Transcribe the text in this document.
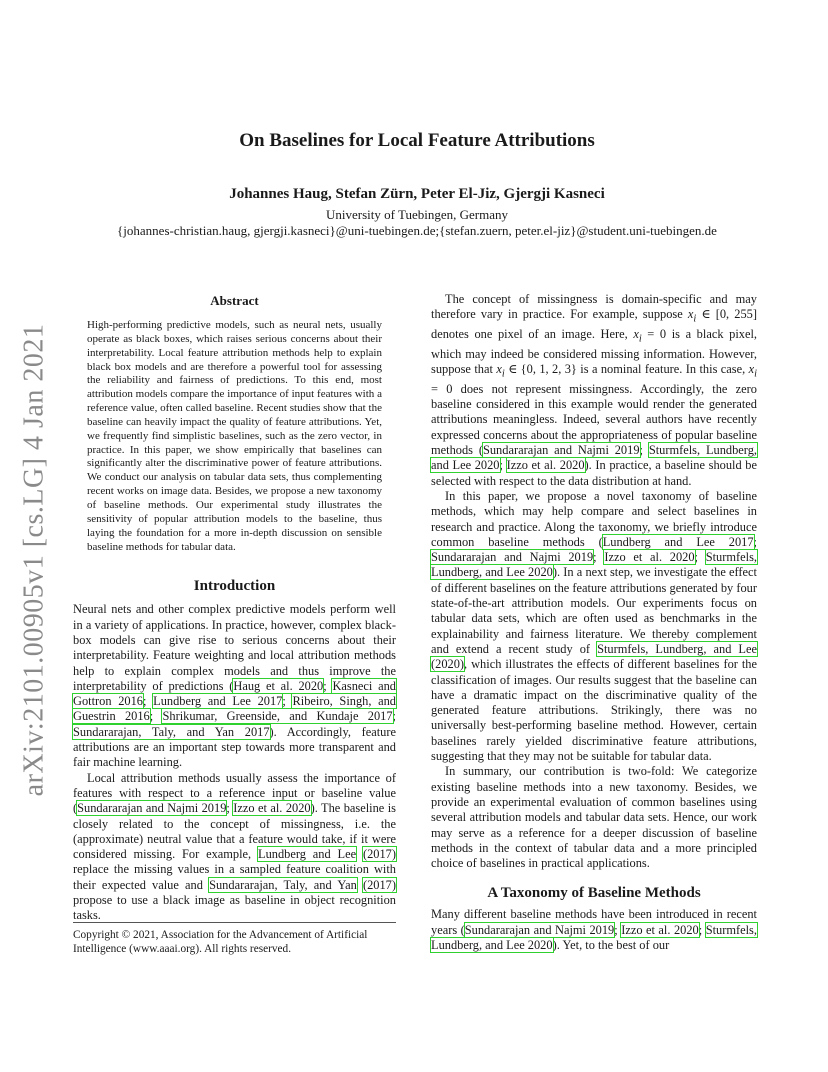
arXiv:2101.00905v1 [cs.LG] 4 Jan 2021
On Baselines for Local Feature Attributions
Johannes Haug, Stefan Zürn, Peter El-Jiz, Gjergji Kasneci
University of Tuebingen, Germany
{johannes-christian.haug, gjergji.kasneci}@uni-tuebingen.de;{stefan.zuern, peter.el-jiz}@student.uni-tuebingen.de
Abstract

High-performing predictive models, such as neural nets, usually operate as black boxes, which raises serious concerns about their interpretability. Local feature attribution methods help to explain black box models and are therefore a powerful tool for assessing the reliability and fairness of predictions. To this end, most attribution models compare the importance of input features with a reference value, often called baseline. Recent studies show that the baseline can heavily impact the quality of feature attributions. Yet, we frequently find simplistic baselines, such as the zero vector, in practice. In this paper, we show empirically that baselines can significantly alter the discriminative power of feature attributions. We conduct our analysis on tabular data sets, thus complementing recent works on image data. Besides, we propose a new taxonomy of baseline methods. Our experimental study illustrates the sensitivity of popular attribution models to the baseline, thus laying the foundation for a more in-depth discussion on sensible baseline methods for tabular data.

Introduction

Neural nets and other complex predictive models perform well in a variety of applications. In practice, however, complex black-box models can give rise to serious concerns about their interpretability. Feature weighting and local attribution methods help to explain complex models and thus improve the interpretability of predictions (Haug et al. 2020; Kasneci and Gottron 2016; Lundberg and Lee 2017; Ribeiro, Singh, and Guestrin 2016; Shrikumar, Greenside, and Kundaje 2017; Sundararajan, Taly, and Yan 2017). Accordingly, feature attributions are an important step towards more transparent and fair machine learning.

Local attribution methods usually assess the importance of features with respect to a reference input or baseline value (Sundararajan and Najmi 2019; Izzo et al. 2020). The baseline is closely related to the concept of missingness, i.e. the (approximate) neutral value that a feature would take, if it were considered missing. For example, Lundberg and Lee (2017) replace the missing values in a sampled feature coalition with their expected value and Sundararajan, Taly, and Yan (2017) propose to use a black image as baseline in object recognition tasks.

Copyright © 2021, Association for the Advancement of Artificial Intelligence (www.aaai.org). All rights reserved.

The concept of missingness is domain-specific and may therefore vary in practice. For example, suppose $x_i$ ∈ [0, 255] denotes one pixel of an image. Here, $x_i = 0$ is a black pixel, which may indeed be considered missing information. However, suppose that $x_i$ ∈ {0, 1, 2, 3} is a nominal feature. In this case, $x_i = 0$ does not represent missingness. Accordingly, the zero baseline considered in this example would render the generated attributions meaningless. Indeed, several authors have recently expressed concerns about the appropriateness of popular baseline methods (Sundararajan and Najmi 2019; Sturmfels, Lundberg, and Lee 2020; Izzo et al. 2020). In practice, a baseline should be selected with respect to the data distribution at hand.

In this paper, we propose a novel taxonomy of baseline methods, which may help compare and select baselines in research and practice. Along the taxonomy, we briefly introduce common baseline methods (Lundberg and Lee 2017; Sundararajan and Najmi 2019; Izzo et al. 2020; Sturmfels, Lundberg, and Lee 2020). In a next step, we investigate the effect of different baselines on the feature attributions generated by four state-of-the-art attribution models. Our experiments focus on tabular data sets, which are often used as benchmarks in the explainability and fairness literature. We thereby complement and extend a recent study of Sturmfels, Lundberg, and Lee (2020), which illustrates the effects of different baselines for the classification of images. Our results suggest that the baseline can have a dramatic impact on the discriminative quality of the generated feature attributions. Strikingly, there was no universally best-performing baseline method. However, certain baselines rarely yielded discriminative feature attributions, suggesting that they may not be suitable for tabular data.

In summary, our contribution is two-fold: We categorize existing baseline methods into a new taxonomy. Besides, we provide an experimental evaluation of common baselines using several attribution models and tabular data sets. Hence, our work may serve as a reference for a deeper discussion of baseline methods in the context of tabular data and a more principled choice of baselines in practical applications.

A Taxonomy of Baseline Methods

Many different baseline methods have been introduced in recent years (Sundararajan and Najmi 2019; Izzo et al. 2020; Sturmfels, Lundberg, and Lee 2020). Yet, to the best of our
